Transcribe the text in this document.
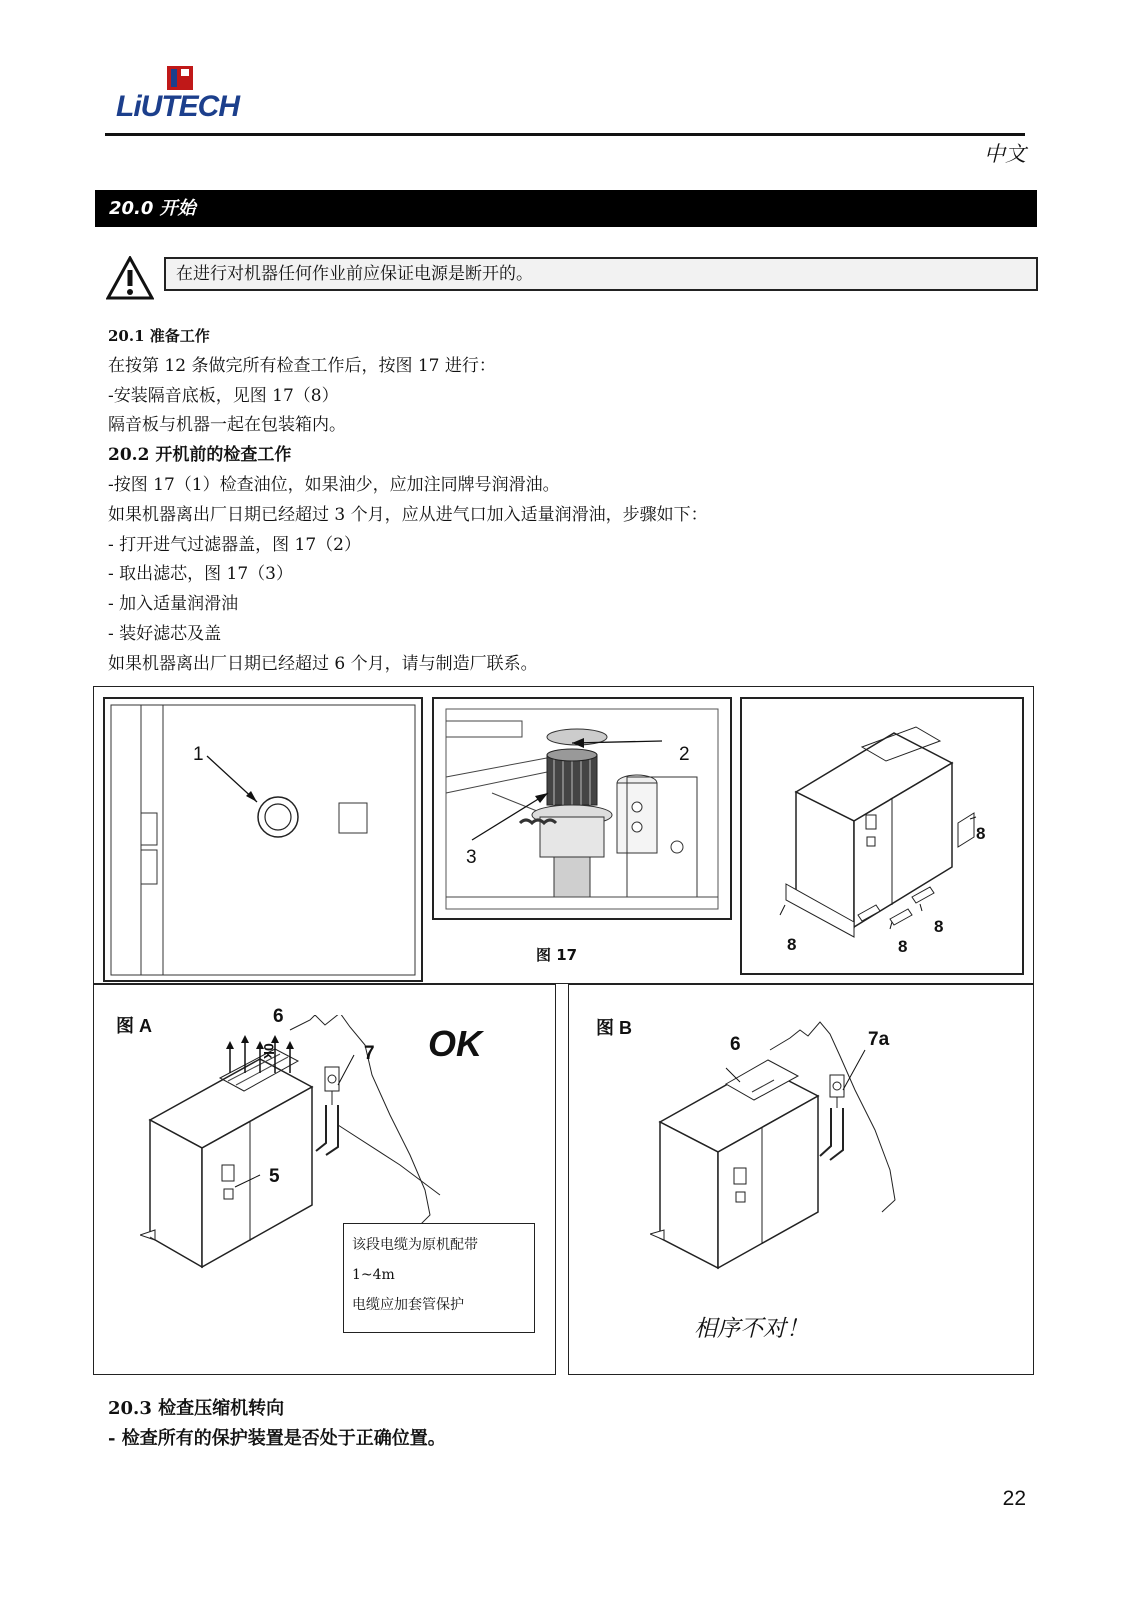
LiUTECH
中文
20.0 开始
在进行对机器任何作业前应保证电源是断开的。
20.1 准备工作
在按第 12 条做完所有检查工作后，按图 17 进行：
-安装隔音底板，见图 17（8）
隔音板与机器一起在包装箱内。
20.2 开机前的检查工作
-按图 17（1）检查油位，如果油少，应加注同牌号润滑油。
如果机器离出厂日期已经超过 3 个月，应从进气口加入适量润滑油，步骤如下：
- 打开进气过滤器盖，图 17（2）
- 取出滤芯，图 17（3）
- 加入适量润滑油
- 装好滤芯及盖
如果机器离出厂日期已经超过 6 个月，请与制造厂联系。
1	2
3
图 17
8
8
8
8
图 A	OK
0k
6
7
5
该段电缆为原机配带
1~4m
电缆应加套管保护
图 B
6	7a
相序不对！
20.3 检查压缩机转向
- 检查所有的保护装置是否处于正确位置。
22
